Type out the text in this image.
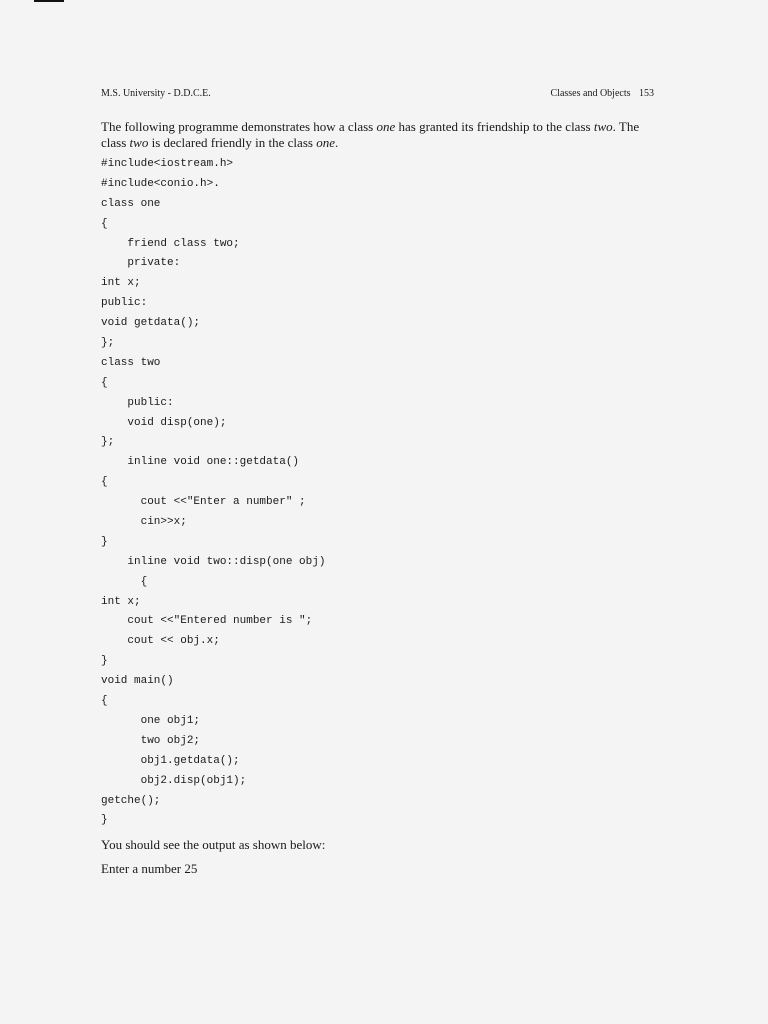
M.S. University - D.D.C.E.	Classes and Objects 153

The following programme demonstrates how a class one has granted its friendship to the class two. The class two is declared friendly in the class one.

#include<iostream.h>
#include<conio.h>.
class one
{
friend class two;
private:
int x;
public:
void getdata();
};
class two
{
public:
void disp(one);
};
inline void one::getdata()
{
cout <<"Enter a number" ;
cin>>x;
}
inline void two::disp(one obj)
{
int x;
cout <<"Entered number is ";
cout << obj.x;
}
void main()
{
one obj1;
two obj2;
obj1.getdata();
obj2.disp(obj1);
getche();
}

You should see the output as shown below:

Enter a number 25
